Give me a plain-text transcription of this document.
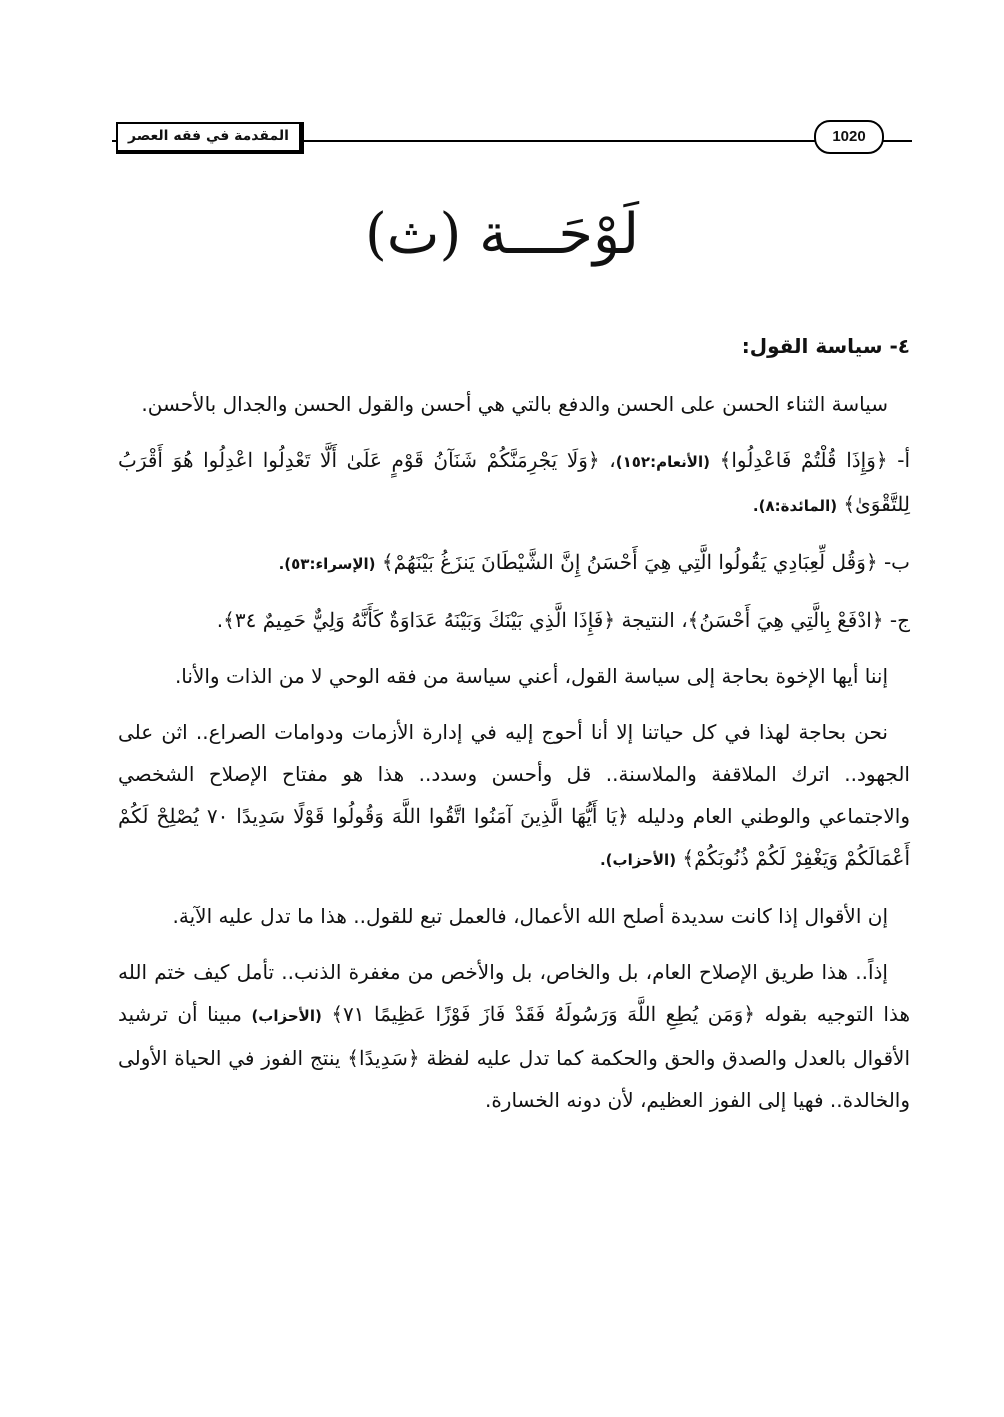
المقدمة في فقه العصر	1020
لَوْحَـــة (ث)

٤- سياسة القول:

سياسة الثناء الحسن على الحسن والدفع بالتي هي أحسن والقول الحسن والجدال بالأحسن.

أ- ﴿وَإِذَا قُلْتُمْ فَاعْدِلُوا﴾ (الأنعام:١٥٢)، ﴿وَلَا يَجْرِمَنَّكُمْ شَنَآنُ قَوْمٍ عَلَىٰ أَلَّا تَعْدِلُوا اعْدِلُوا هُوَ أَقْرَبُ لِلتَّقْوَىٰ﴾ (المائدة:٨).

ب- ﴿وَقُل لِّعِبَادِي يَقُولُوا الَّتِي هِيَ أَحْسَنُ إِنَّ الشَّيْطَانَ يَنزَغُ بَيْنَهُمْ﴾ (الإسراء:٥٣).

ج- ﴿ادْفَعْ بِالَّتِي هِيَ أَحْسَنُ﴾، النتيجة ﴿فَإِذَا الَّذِي بَيْنَكَ وَبَيْنَهُ عَدَاوَةٌ كَأَنَّهُ وَلِيٌّ حَمِيمٌ ٣٤﴾.

إننا أيها الإخوة بحاجة إلى سياسة القول، أعني سياسة من فقه الوحي لا من الذات والأنا.

نحن بحاجة لهذا في كل حياتنا إلا أنا أحوج إليه في إدارة الأزمات ودوامات الصراع.. اثن على الجهود.. اترك الملاقفة والملاسنة.. قل وأحسن وسدد.. هذا هو مفتاح الإصلاح الشخصي والاجتماعي والوطني العام ودليله ﴿يَا أَيُّهَا الَّذِينَ آمَنُوا اتَّقُوا اللَّهَ وَقُولُوا قَوْلًا سَدِيدًا ٧٠ يُصْلِحْ لَكُمْ أَعْمَالَكُمْ وَيَغْفِرْ لَكُمْ ذُنُوبَكُمْ﴾ (الأحزاب).

إن الأقوال إذا كانت سديدة أصلح الله الأعمال، فالعمل تبع للقول.. هذا ما تدل عليه الآية.

إذاً.. هذا طريق الإصلاح العام، بل والخاص، بل والأخص من مغفرة الذنب.. تأمل كيف ختم الله هذا التوجيه بقوله ﴿وَمَن يُطِعِ اللَّهَ وَرَسُولَهُ فَقَدْ فَازَ فَوْزًا عَظِيمًا ٧١﴾ (الأحزاب) مبينا أن ترشيد الأقوال بالعدل والصدق والحق والحكمة كما تدل عليه لفظة ﴿سَدِيدًا﴾ ينتج الفوز في الحياة الأولى والخالدة.. فهيا إلى الفوز العظيم، لأن دونه الخسارة.
